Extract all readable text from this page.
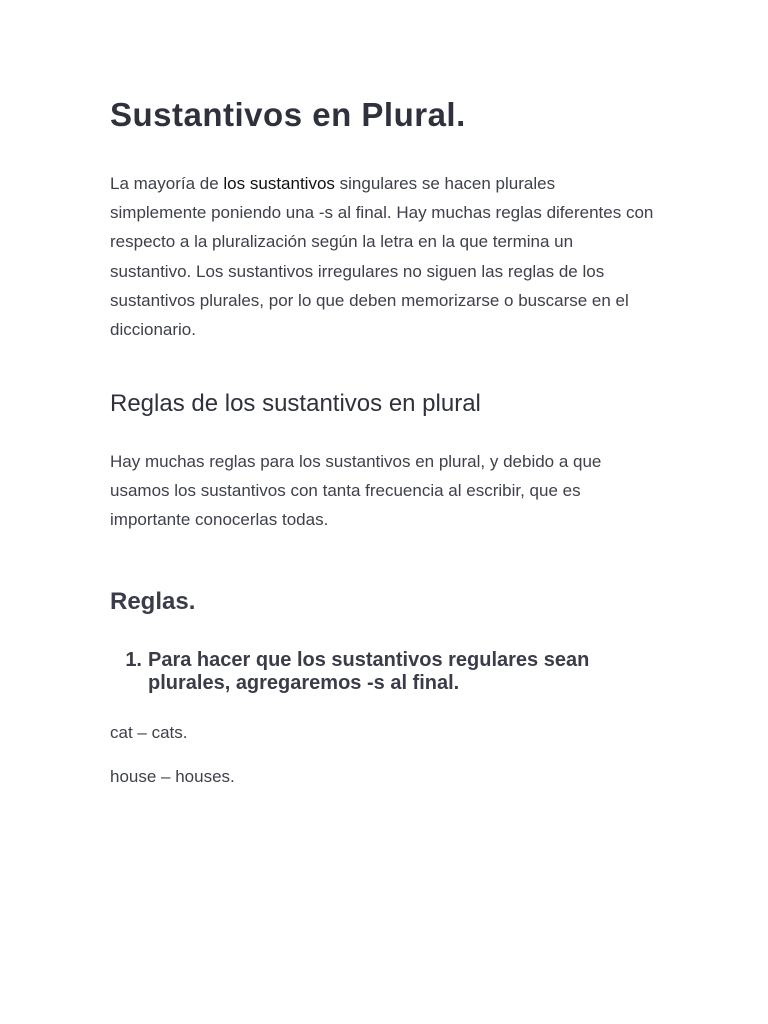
Sustantivos en Plural.

La mayoría de los sustantivos singulares se hacen plurales simplemente poniendo una -s al final. Hay muchas reglas diferentes con respecto a la pluralización según la letra en la que termina un sustantivo. Los sustantivos irregulares no siguen las reglas de los sustantivos plurales, por lo que deben memorizarse o buscarse en el diccionario.

Reglas de los sustantivos en plural

Hay muchas reglas para los sustantivos en plural, y debido a que usamos los sustantivos con tanta frecuencia al escribir, que es importante conocerlas todas.

Reglas.
1. Para hacer que los sustantivos regulares sean plurales, agregaremos -s al final.

cat – cats.

house – houses.
